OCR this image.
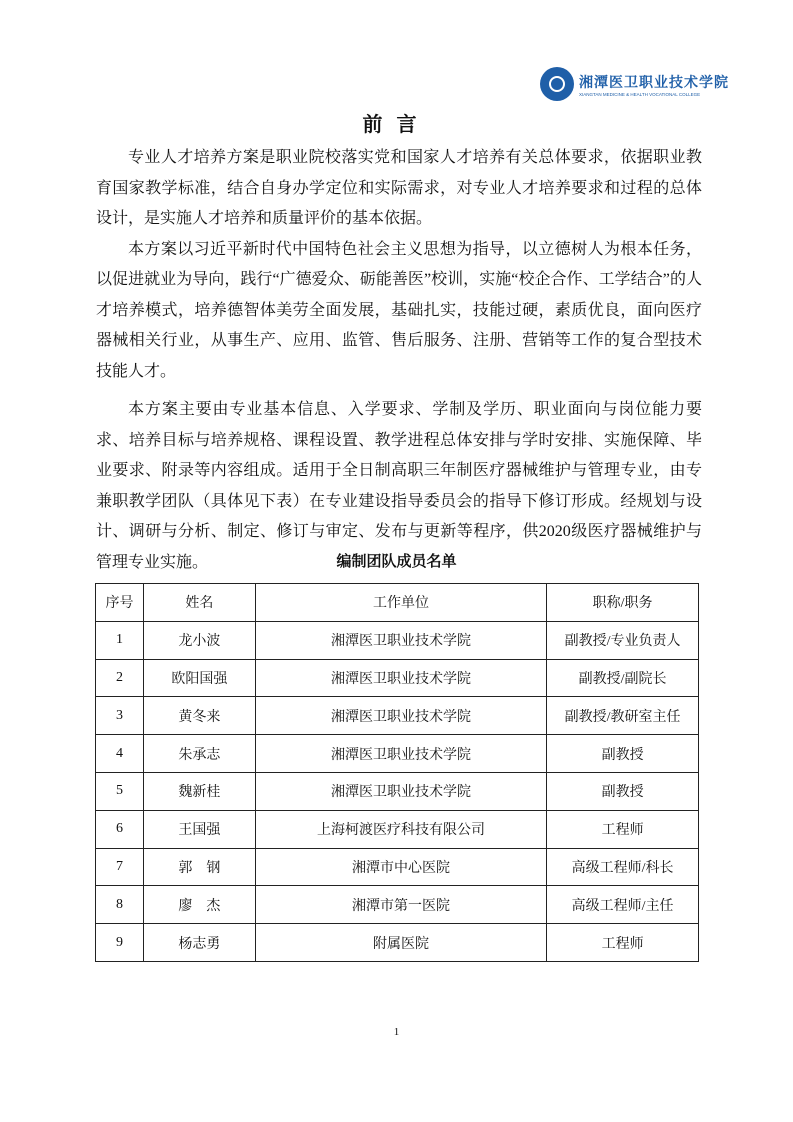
湘潭医卫职业技术学院
XIANGTAN MEDICINE & HEALTH VOCATIONAL COLLEGE
前言

专业人才培养方案是职业院校落实党和国家人才培养有关总体要求，依据职业教育国家教学标准，结合自身办学定位和实际需求，对专业人才培养要求和过程的总体设计，是实施人才培养和质量评价的基本依据。

本方案以习近平新时代中国特色社会主义思想为指导，以立德树人为根本任务，以促进就业为导向，践行“广德爱众、砺能善医”校训，实施“校企合作、工学结合”的人才培养模式，培养德智体美劳全面发展，基础扎实，技能过硬，素质优良，面向医疗器械相关行业，从事生产、应用、监管、售后服务、注册、营销等工作的复合型技术技能人才。

本方案主要由专业基本信息、入学要求、学制及学历、职业面向与岗位能力要求、培养目标与培养规格、课程设置、教学进程总体安排与学时安排、实施保障、毕业要求、附录等内容组成。适用于全日制高职三年制医疗器械维护与管理专业，由专兼职教学团队（具体见下表）在专业建设指导委员会的指导下修订形成。经规划与设计、调研与分析、制定、修订与审定、发布与更新等程序，供2020级医疗器械维护与管理专业实施。	编制团队成员名单
序号	姓名	工作单位	职称/职务
1	龙小波	湘潭医卫职业技术学院	副教授/专业负责人
2	欧阳国强	湘潭医卫职业技术学院	副教授/副院长
3	黄冬来	湘潭医卫职业技术学院	副教授/教研室主任
4	朱承志	湘潭医卫职业技术学院	副教授
5	魏新桂	湘潭医卫职业技术学院	副教授
6	王国强	上海柯渡医疗科技有限公司	工程师
7	郭　钢	湘潭市中心医院	高级工程师/科长
8	廖　杰	湘潭市第一医院	高级工程师/主任
9	杨志勇	附属医院	工程师
1
